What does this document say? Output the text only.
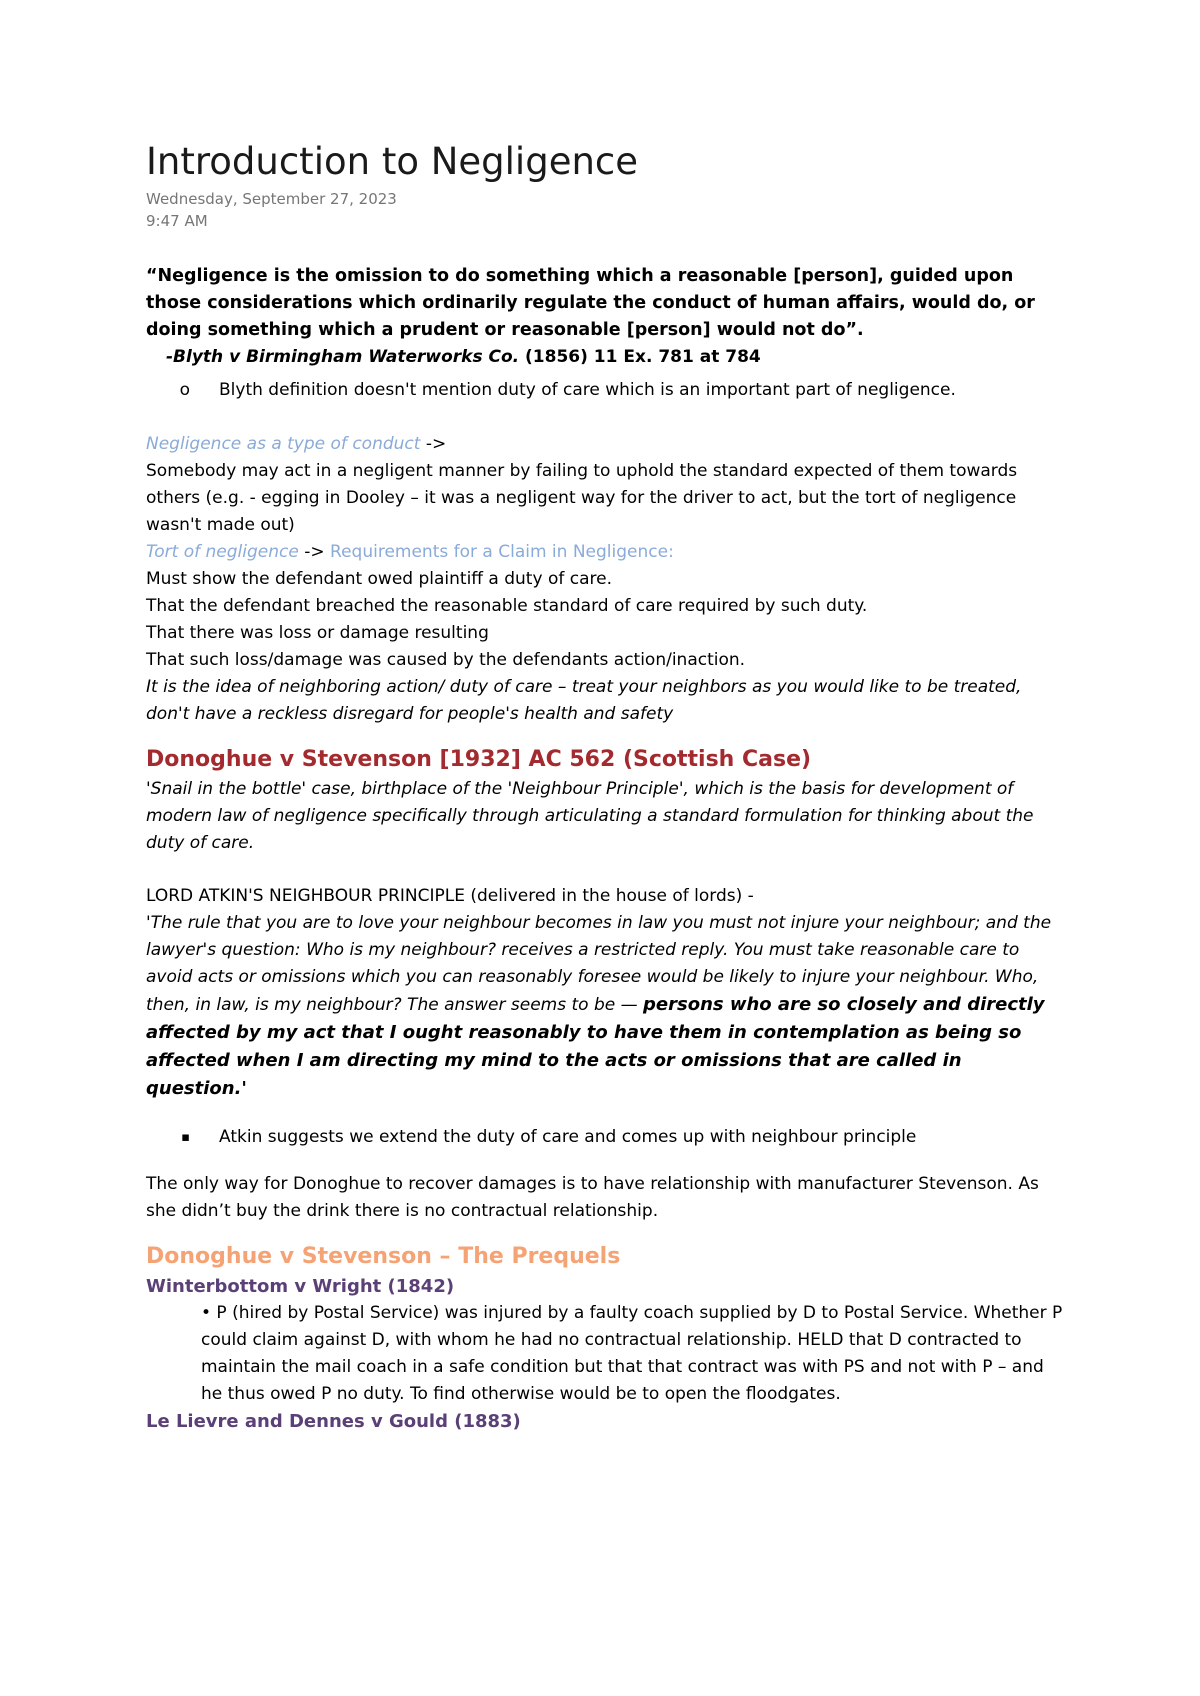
Introduction to Negligence
Wednesday, September 27, 2023
9:47 AM

“Negligence is the omission to do something which a reasonable [person], guided upon those considerations which ordinarily regulate the conduct of human affairs, would do, or doing something which a prudent or reasonable [person] would not do”.

-Blyth v Birmingham Waterworks Co. (1856) 11 Ex. 781 at 784

o	Blyth definition doesn't mention duty of care which is an important part of negligence.

Negligence as a type of conduct ->

Somebody may act in a negligent manner by failing to uphold the standard expected of them towards others (e.g. - egging in Dooley – it was a negligent way for the driver to act, but the tort of negligence wasn't made out)

Tort of negligence -> Requirements for a Claim in Negligence:

Must show the defendant owed plaintiff a duty of care.

That the defendant breached the reasonable standard of care required by such duty.

That there was loss or damage resulting

That such loss/damage was caused by the defendants action/inaction.

It is the idea of neighboring action/ duty of care – treat your neighbors as you would like to be treated, don't have a reckless disregard for people's health and safety

Donoghue v Stevenson [1932] AC 562 (Scottish Case)

'Snail in the bottle' case, birthplace of the 'Neighbour Principle', which is the basis for development of modern law of negligence specifically through articulating a standard formulation for thinking about the duty of care.

LORD ATKIN'S NEIGHBOUR PRINCIPLE (delivered in the house of lords) -

'The rule that you are to love your neighbour becomes in law you must not injure your neighbour; and the lawyer's question: Who is my neighbour? receives a restricted reply. You must take reasonable care to avoid acts or omissions which you can reasonably foresee would be likely to injure your neighbour. Who, then, in law, is my neighbour? The answer seems to be — persons who are so closely and directly affected by my act that I ought reasonably to have them in contemplation as being so affected when I am directing my mind to the acts or omissions that are called in question.'

▪	Atkin suggests we extend the duty of care and comes up with neighbour principle

The only way for Donoghue to recover damages is to have relationship with manufacturer Stevenson. As she didn’t buy the drink there is no contractual relationship.

Donoghue v Stevenson – The Prequels
Winterbottom v Wright (1842)

• P (hired by Postal Service) was injured by a faulty coach supplied by D to Postal Service. Whether P could claim against D, with whom he had no contractual relationship. HELD that D contracted to maintain the mail coach in a safe condition but that that contract was with PS and not with P – and he thus owed P no duty. To find otherwise would be to open the floodgates.

Le Lievre and Dennes v Gould (1883)
